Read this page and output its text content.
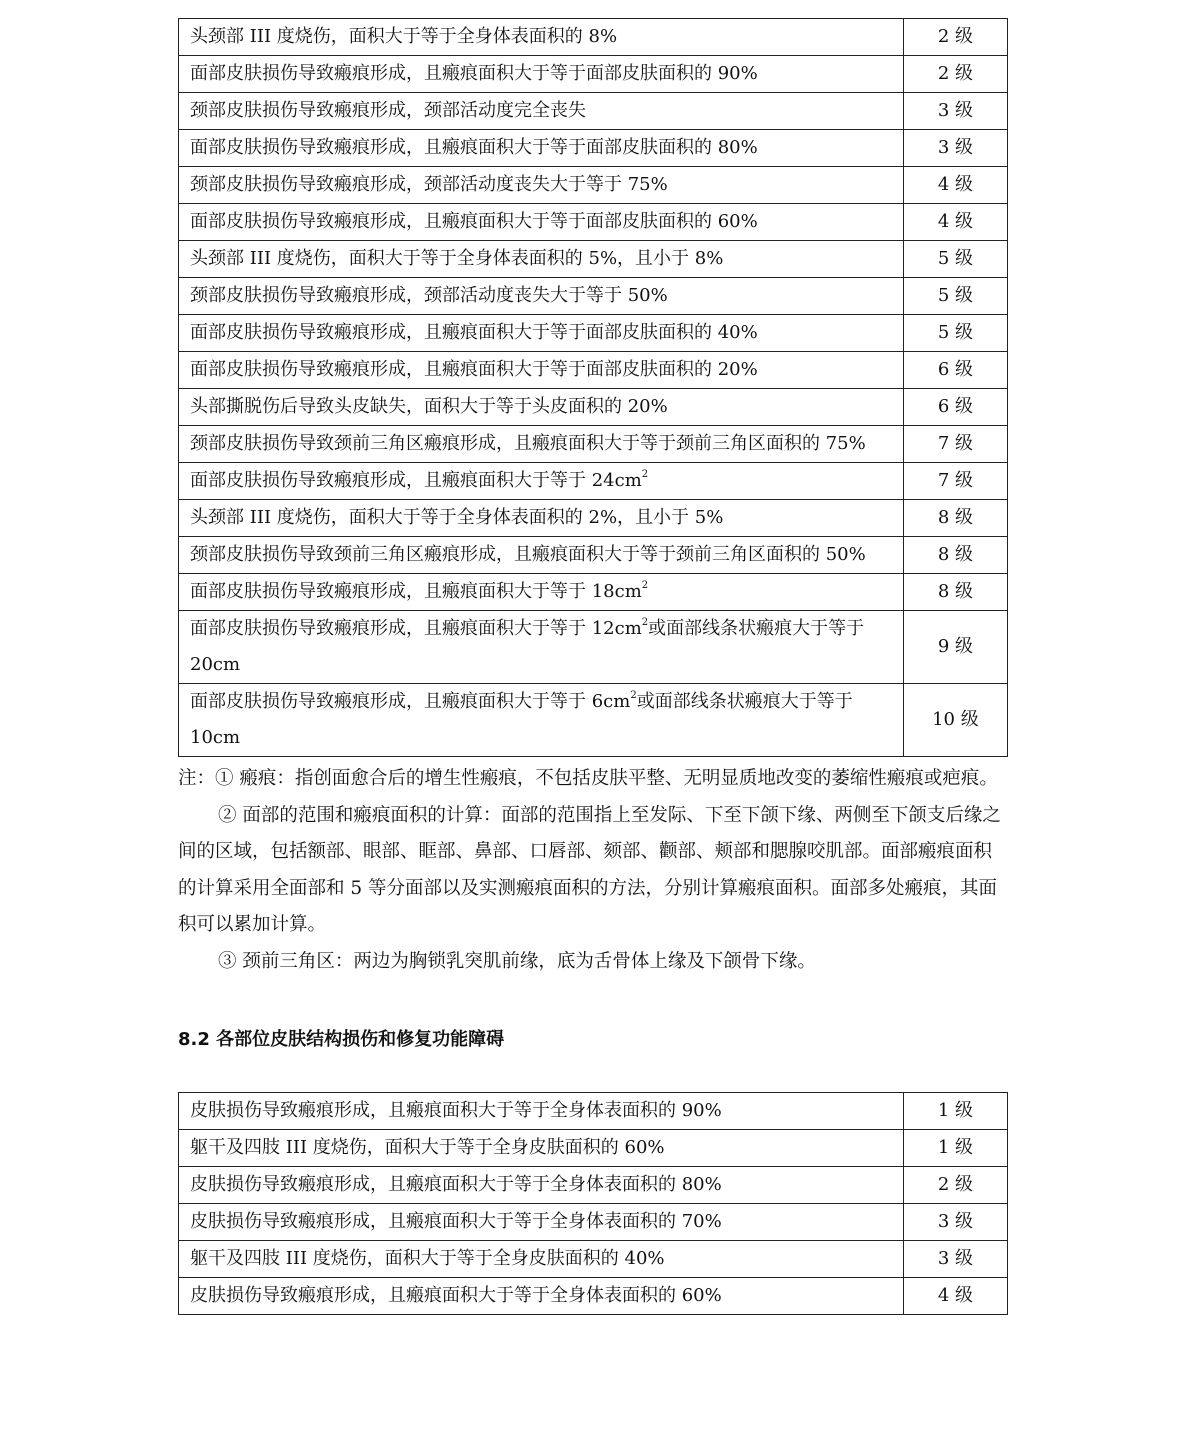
头颈部 III 度烧伤，面积大于等于全身体表面积的 8%	2 级
面部皮肤损伤导致瘢痕形成，且瘢痕面积大于等于面部皮肤面积的 90%	2 级
颈部皮肤损伤导致瘢痕形成，颈部活动度完全丧失	3 级
面部皮肤损伤导致瘢痕形成，且瘢痕面积大于等于面部皮肤面积的 80%	3 级
颈部皮肤损伤导致瘢痕形成，颈部活动度丧失大于等于 75%	4 级
面部皮肤损伤导致瘢痕形成，且瘢痕面积大于等于面部皮肤面积的 60%	4 级
头颈部 III 度烧伤，面积大于等于全身体表面积的 5%，且小于 8%	5 级
颈部皮肤损伤导致瘢痕形成，颈部活动度丧失大于等于 50%	5 级
面部皮肤损伤导致瘢痕形成，且瘢痕面积大于等于面部皮肤面积的 40%	5 级
面部皮肤损伤导致瘢痕形成，且瘢痕面积大于等于面部皮肤面积的 20%	6 级
头部撕脱伤后导致头皮缺失，面积大于等于头皮面积的 20%	6 级
颈部皮肤损伤导致颈前三角区瘢痕形成，且瘢痕面积大于等于颈前三角区面积的 75%	7 级
面部皮肤损伤导致瘢痕形成，且瘢痕面积大于等于 $24cm^2$	7 级
头颈部 III 度烧伤，面积大于等于全身体表面积的 2%，且小于 5%	8 级
颈部皮肤损伤导致颈前三角区瘢痕形成，且瘢痕面积大于等于颈前三角区面积的 50%	8 级
面部皮肤损伤导致瘢痕形成，且瘢痕面积大于等于 $18cm^2$	8 级
面部皮肤损伤导致瘢痕形成，且瘢痕面积大于等于 $12cm^2$或面部线条状瘢痕大于等于 20cm	9 级
面部皮肤损伤导致瘢痕形成，且瘢痕面积大于等于 $6cm^2$或面部线条状瘢痕大于等于 10cm	10 级

注：① 瘢痕：指创面愈合后的增生性瘢痕，不包括皮肤平整、无明显质地改变的萎缩性瘢痕或疤痕。

② 面部的范围和瘢痕面积的计算：面部的范围指上至发际、下至下颌下缘、两侧至下颌支后缘之间的区域，包括额部、眼部、眶部、鼻部、口唇部、颏部、颧部、颊部和腮腺咬肌部。面部瘢痕面积的计算采用全面部和 5 等分面部以及实测瘢痕面积的方法，分别计算瘢痕面积。面部多处瘢痕，其面积可以累加计算。

③ 颈前三角区：两边为胸锁乳突肌前缘，底为舌骨体上缘及下颌骨下缘。

8.2 各部位皮肤结构损伤和修复功能障碍
皮肤损伤导致瘢痕形成，且瘢痕面积大于等于全身体表面积的 90%	1 级
躯干及四肢 III 度烧伤，面积大于等于全身皮肤面积的 60%	1 级
皮肤损伤导致瘢痕形成，且瘢痕面积大于等于全身体表面积的 80%	2 级
皮肤损伤导致瘢痕形成，且瘢痕面积大于等于全身体表面积的 70%	3 级
躯干及四肢 III 度烧伤，面积大于等于全身皮肤面积的 40%	3 级
皮肤损伤导致瘢痕形成，且瘢痕面积大于等于全身体表面积的 60%	4 级
